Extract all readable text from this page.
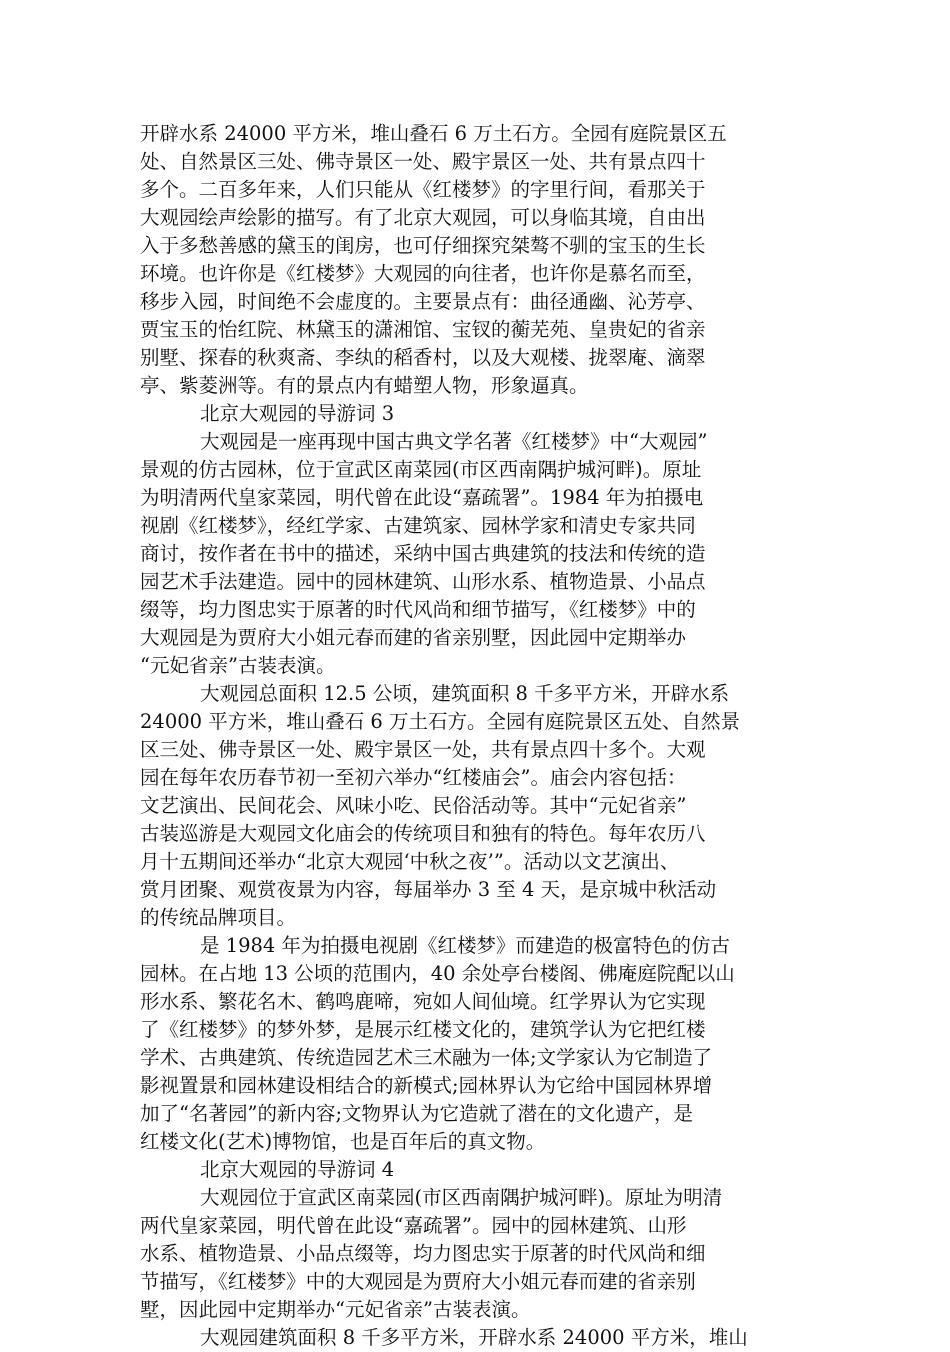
开辟水系 24000 平方米，堆山叠石 6 万土石方。全园有庭院景区五
处、自然景区三处、佛寺景区一处、殿宇景区一处、共有景点四十
多个。二百多年来，人们只能从《红楼梦》的字里行间，看那关于
大观园绘声绘影的描写。有了北京大观园，可以身临其境，自由出
入于多愁善感的黛玉的闺房，也可仔细探究桀骜不驯的宝玉的生长
环境。也许你是《红楼梦》大观园的向往者，也许你是慕名而至，
移步入园，时间绝不会虚度的。主要景点有：曲径通幽、沁芳亭、
贾宝玉的怡红院、林黛玉的潇湘馆、宝钗的蘅芜苑、皇贵妃的省亲
别墅、探春的秋爽斋、李纨的稻香村，以及大观楼、拢翠庵、滴翠
亭、紫菱洲等。有的景点内有蜡塑人物，形象逼真。
北京大观园的导游词 3
大观园是一座再现中国古典文学名著《红楼梦》中“大观园”
景观的仿古园林，位于宣武区南菜园(市区西南隅护城河畔)。原址
为明清两代皇家菜园，明代曾在此设“嘉疏署”。1984 年为拍摄电
视剧《红楼梦》，经红学家、古建筑家、园林学家和清史专家共同
商讨，按作者在书中的描述，采纳中国古典建筑的技法和传统的造
园艺术手法建造。园中的园林建筑、山形水系、植物造景、小品点
缀等，均力图忠实于原著的时代风尚和细节描写，《红楼梦》中的
大观园是为贾府大小姐元春而建的省亲别墅，因此园中定期举办
“元妃省亲”古装表演。
大观园总面积 12.5 公顷，建筑面积 8 千多平方米，开辟水系
24000 平方米，堆山叠石 6 万土石方。全园有庭院景区五处、自然景
区三处、佛寺景区一处、殿宇景区一处，共有景点四十多个。大观
园在每年农历春节初一至初六举办“红楼庙会”。庙会内容包括：
文艺演出、民间花会、风味小吃、民俗活动等。其中“元妃省亲”
古装巡游是大观园文化庙会的传统项目和独有的特色。每年农历八
月十五期间还举办“北京大观园‘中秋之夜’”。活动以文艺演出、
赏月团聚、观赏夜景为内容，每届举办 3 至 4 天，是京城中秋活动
的传统品牌项目。
是 1984 年为拍摄电视剧《红楼梦》而建造的极富特色的仿古
园林。在占地 13 公顷的范围内，40 余处亭台楼阁、佛庵庭院配以山
形水系、繁花名木、鹤鸣鹿啼，宛如人间仙境。红学界认为它实现
了《红楼梦》的梦外梦，是展示红楼文化的，建筑学认为它把红楼
学术、古典建筑、传统造园艺术三术融为一体;文学家认为它制造了
影视置景和园林建设相结合的新模式;园林界认为它给中国园林界增
加了“名著园”的新内容;文物界认为它造就了潜在的文化遗产，是
红楼文化(艺术)博物馆，也是百年后的真文物。
北京大观园的导游词 4
大观园位于宣武区南菜园(市区西南隅护城河畔)。原址为明清
两代皇家菜园，明代曾在此设“嘉疏署”。园中的园林建筑、山形
水系、植物造景、小品点缀等，均力图忠实于原著的时代风尚和细
节描写，《红楼梦》中的大观园是为贾府大小姐元春而建的省亲别
墅，因此园中定期举办“元妃省亲”古装表演。
大观园建筑面积 8 千多平方米，开辟水系 24000 平方米，堆山
